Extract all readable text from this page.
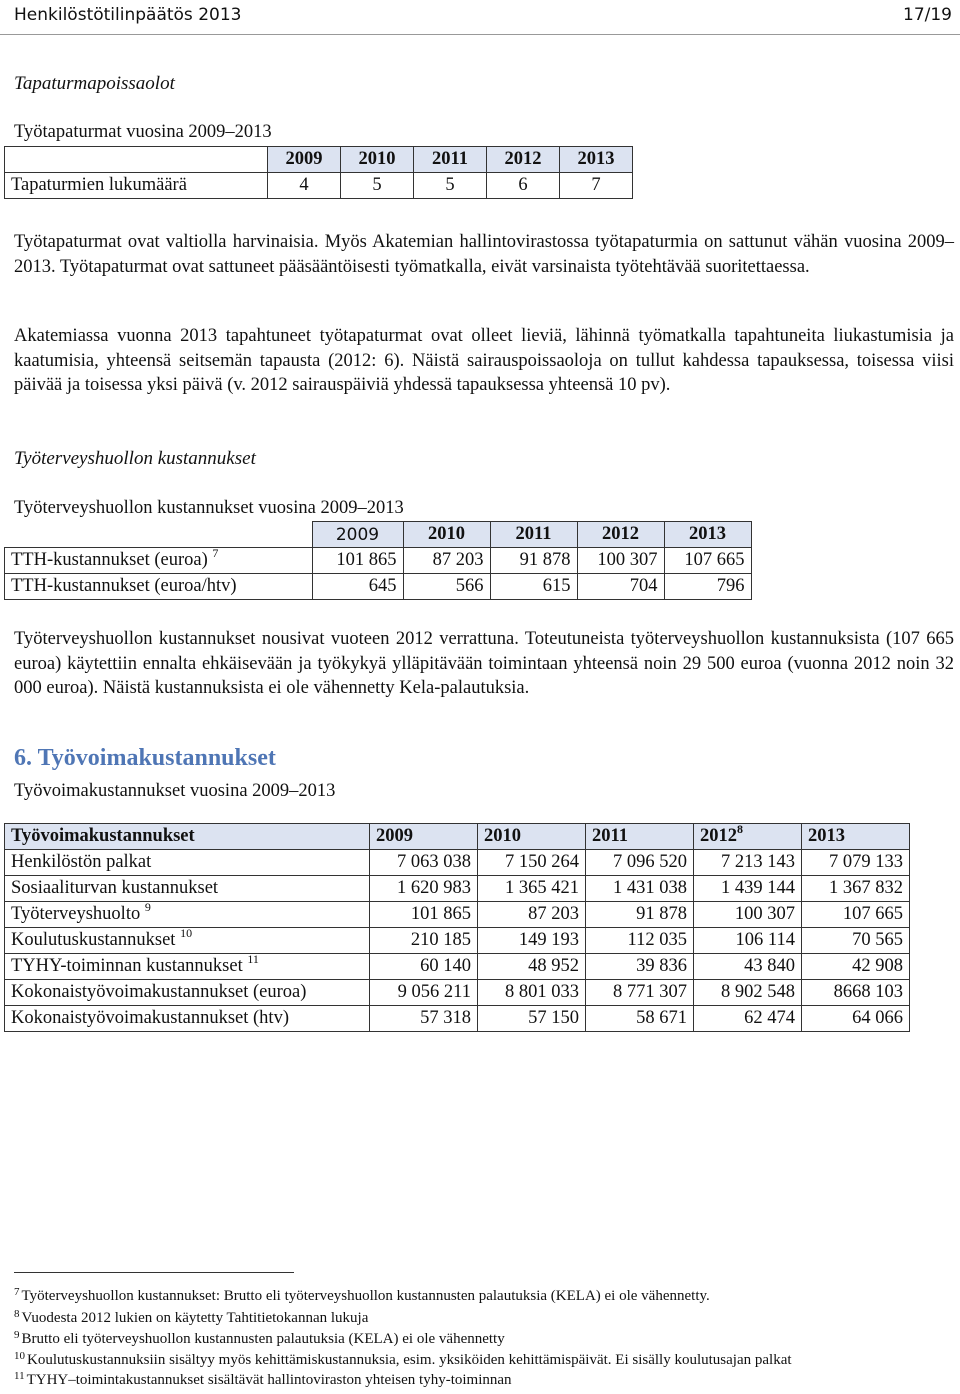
Henkilöstötilinpäätös 2013	17/19
Tapaturmapoissaolot
Työtapaturmat vuosina 2009–2013
	2009	2010	2011	2012	2013
Tapaturmien lukumäärä	4	5	5	6	7

Työtapaturmat ovat valtiolla harvinaisia. Myös Akatemian hallintovirastossa työtapaturmia on sattunut vähän vuosina 2009–2013. Työtapaturmat ovat sattuneet pääsääntöisesti työmatkalla, eivät varsinaista työtehtävää suoritettaessa.

Akatemiassa vuonna 2013 tapahtuneet työtapaturmat ovat olleet lieviä, lähinnä työmatkalla tapahtuneita liukastumisia ja kaatumisia, yhteensä seitsemän tapausta (2012: 6). Näistä sairauspoissaoloja on tullut kahdessa tapauksessa, toisessa viisi päivää ja toisessa yksi päivä (v. 2012 sairauspäiviä yhdessä tapauksessa yhteensä 10 pv).

Työterveyshuollon kustannukset
Työterveyshuollon kustannukset vuosina 2009–2013
	2009	2010	2011	2012	2013
TTH-kustannukset (euroa) $^7$	101 865	87 203	91 878	100 307	107 665
TTH-kustannukset (euroa/htv)	645	566	615	704	796

Työterveyshuollon kustannukset nousivat vuoteen 2012 verrattuna. Toteutuneista työterveyshuollon kustannuksista (107 665 euroa) käytettiin ennalta ehkäisevään ja työkykyä ylläpitävään toimintaan yhteensä noin 29 500 euroa (vuonna 2012 noin 32 000 euroa). Näistä kustannuksista ei ole vähennetty Kela-palautuksia.

6. Työvoimakustannukset
Työvoimakustannukset vuosina 2009–2013
Työvoimakustannukset	2009	2010	2011	2012$^8$	2013
Henkilöstön palkat	7 063 038	7 150 264	7 096 520	7 213 143	7 079 133
Sosiaaliturvan kustannukset	1 620 983	1 365 421	1 431 038	1 439 144	1 367 832
Työterveyshuolto $^9$	101 865	87 203	91 878	100 307	107 665
Koulutuskustannukset $^{10}$	210 185	149 193	112 035	106 114	70 565
TYHY-toiminnan kustannukset $^{11}$	60 140	48 952	39 836	43 840	42 908
Kokonaistyövoimakustannukset (euroa)	9 056 211	8 801 033	8 771 307	8 902 548	8668 103
Kokonaistyövoimakustannukset (htv)	57 318	57 150	58 671	62 474	64 066
$^7$ Työterveyshuollon kustannukset: Brutto eli työterveyshuollon kustannusten palautuksia (KELA) ei ole vähennetty.
$^8$ Vuodesta 2012 lukien on käytetty Tahtitietokannan lukuja
$^9$ Brutto eli työterveyshuollon kustannusten palautuksia (KELA) ei ole vähennetty
$^{10}$ Koulutuskustannuksiin sisältyy myös kehittämiskustannuksia, esim. yksiköiden kehittämispäivät. Ei sisälly koulutusajan palkat
$^{11}$ TYHY–toimintakustannukset sisältävät hallintoviraston yhteisen tyhy-toiminnan
